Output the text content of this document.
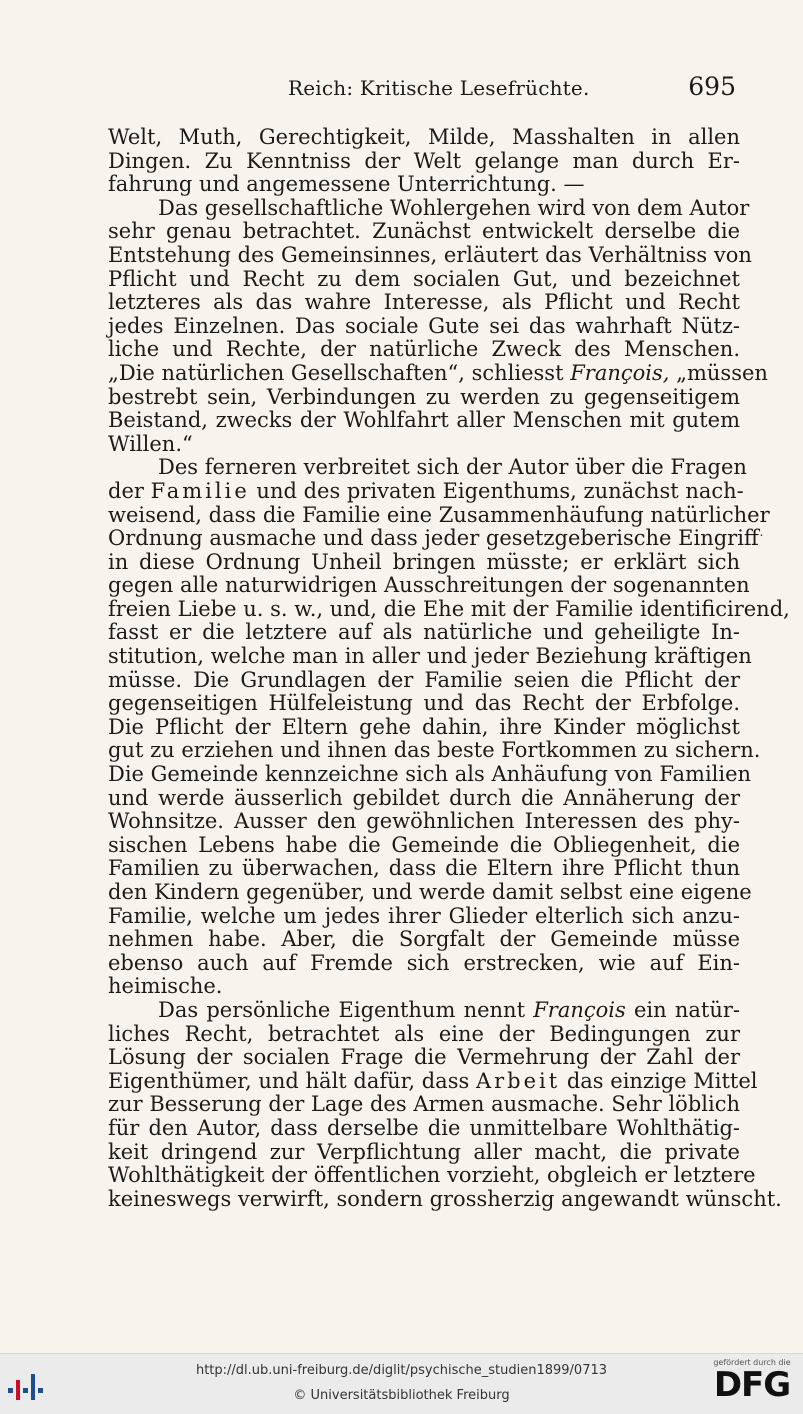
Reich: Kritische Lesefrüchte.	695

Welt, Muth, Gerechtigkeit, Milde, Masshalten in allen
Dingen. Zu Kenntniss der Welt gelange man durch Er-
fahrung und angemessene Unterrichtung. —

Das gesellschaftliche Wohlergehen wird von dem Autor
sehr genau betrachtet. Zunächst entwickelt derselbe die
Entstehung des Gemeinsinnes, erläutert das Verhältniss von
Pflicht und Recht zu dem socialen Gut, und bezeichnet
letzteres als das wahre Interesse, als Pflicht und Recht
jedes Einzelnen. Das sociale Gute sei das wahrhaft Nütz-
liche und Rechte, der natürliche Zweck des Menschen.
„Die natürlichen Gesellschaften“, schliesst François, „müssen
bestrebt sein, Verbindungen zu werden zu gegenseitigem
Beistand, zwecks der Wohlfahrt aller Menschen mit gutem
Willen.“

Des ferneren verbreitet sich der Autor über die Fragen
der Familie und des privaten Eigenthums, zunächst nach-
weisend, dass die Familie eine Zusammenhäufung natürlicher
Ordnung ausmache und dass jeder gesetzgeberische Eingriff
in diese Ordnung Unheil bringen müsste; er erklärt sich
gegen alle naturwidrigen Ausschreitungen der sogenannten
freien Liebe u. s. w., und, die Ehe mit der Familie identificirend,
fasst er die letztere auf als natürliche und geheiligte In-
stitution, welche man in aller und jeder Beziehung kräftigen
müsse. Die Grundlagen der Familie seien die Pflicht der
gegenseitigen Hülfeleistung und das Recht der Erbfolge.
Die Pflicht der Eltern gehe dahin, ihre Kinder möglichst
gut zu erziehen und ihnen das beste Fortkommen zu sichern.
Die Gemeinde kennzeichne sich als Anhäufung von Familien
und werde äusserlich gebildet durch die Annäherung der
Wohnsitze. Ausser den gewöhnlichen Interessen des phy-
sischen Lebens habe die Gemeinde die Obliegenheit, die
Familien zu überwachen, dass die Eltern ihre Pflicht thun
den Kindern gegenüber, und werde damit selbst eine eigene
Familie, welche um jedes ihrer Glieder elterlich sich anzu-
nehmen habe. Aber, die Sorgfalt der Gemeinde müsse
ebenso auch auf Fremde sich erstrecken, wie auf Ein-
heimische.

Das persönliche Eigenthum nennt François ein natür-
liches Recht, betrachtet als eine der Bedingungen zur
Lösung der socialen Frage die Vermehrung der Zahl der
Eigenthümer, und hält dafür, dass Arbeit das einzige Mittel
zur Besserung der Lage des Armen ausmache. Sehr löblich
für den Autor, dass derselbe die unmittelbare Wohlthätig-
keit dringend zur Verpflichtung aller macht, die private
Wohlthätigkeit der öffentlichen vorzieht, obgleich er letztere
keineswegs verwirft, sondern grossherzig angewandt wünscht.

˙
http://dl.ub.uni-freiburg.de/diglit/psychische_studien1899/0713
© Universitätsbibliothek Freiburg
gefördert durch die
DFG
